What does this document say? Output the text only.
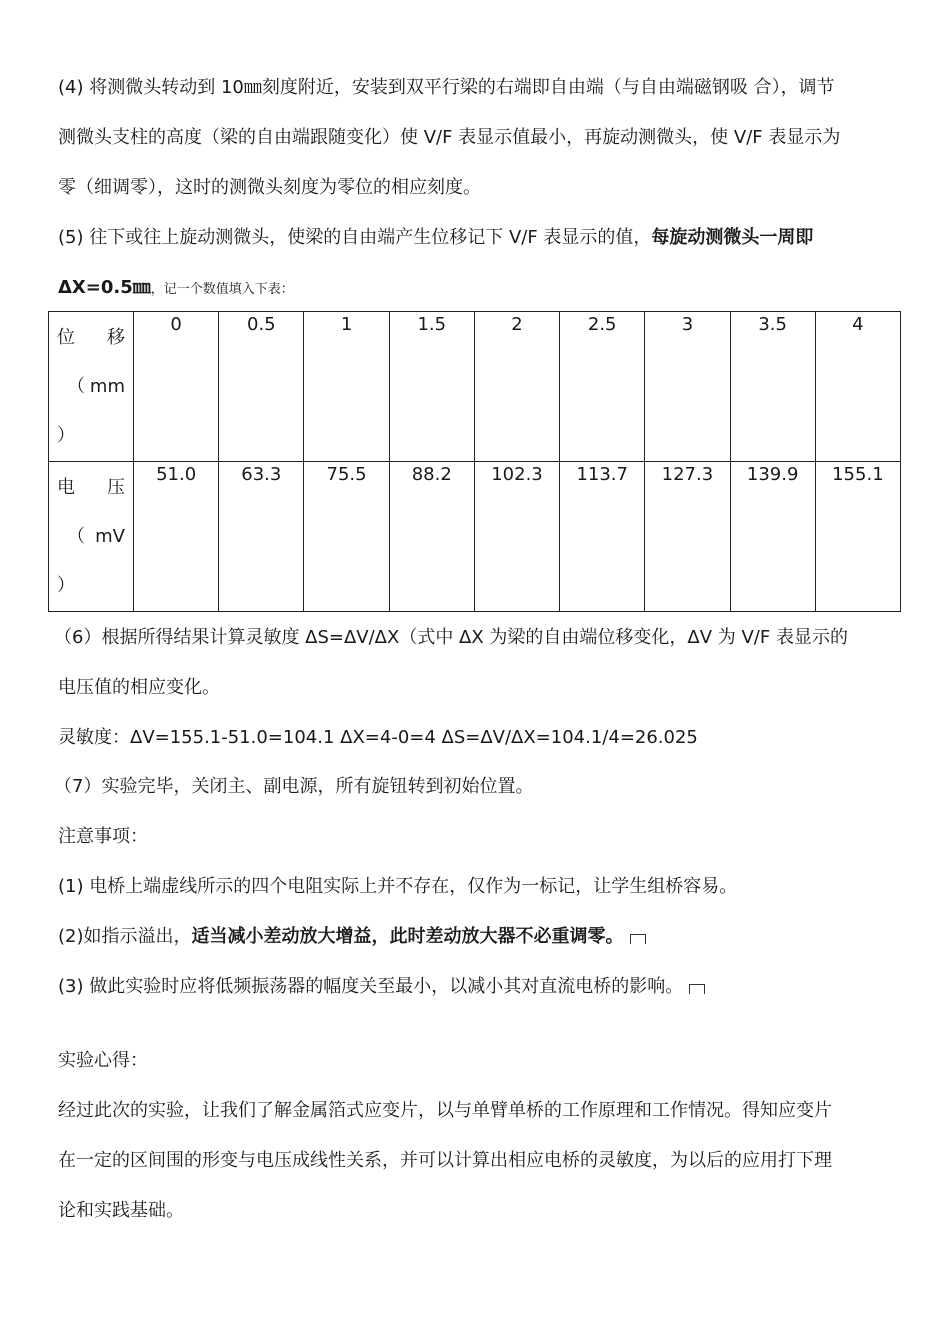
(4) 将测微头转动到 10㎜刻度附近，安装到双平行梁的右端即自由端（与自由端磁钢吸 合），调节
测微头支柱的高度（梁的自由端跟随变化）使 V/F 表显示值最小，再旋动测微头，使 V/F 表显示为
零（细调零），这时的测微头刻度为零位的相应刻度。
(5) 往下或往上旋动测微头，使梁的自由端产生位移记下 V/F 表显示的值，每旋动测微头一周即
ΔX=0.5㎜，记一个数值填入下表：
位 移
（ mm
）	0	0.5	1	1.5	2	2.5	3	3.5	4

电 压
（ mV
）	51.0	63.3	75.5	88.2	102.3	113.7	127.3	139.9	155.1
（6）根据所得结果计算灵敏度 ΔS=ΔV/ΔX（式中 ΔX 为梁的自由端位移变化，ΔV 为 V/F 表显示的
电压值的相应变化。
灵敏度：ΔV=155.1-51.0=104.1 ΔX=4-0=4 ΔS=ΔV/ΔX=104.1/4=26.025
（7）实验完毕，关闭主、副电源，所有旋钮转到初始位置。
注意事项：
(1) 电桥上端虚线所示的四个电阻实际上并不存在，仅作为一标记，让学生组桥容易。
(2)如指示溢出，适当减小差动放大增益，此时差动放大器不必重调零。
(3) 做此实验时应将低频振荡器的幅度关至最小，以减小其对直流电桥的影响。
实验心得：
经过此次的实验，让我们了解金属箔式应变片，以与单臂单桥的工作原理和工作情况。得知应变片
在一定的区间围的形变与电压成线性关系，并可以计算出相应电桥的灵敏度，为以后的应用打下理
论和实践基础。
